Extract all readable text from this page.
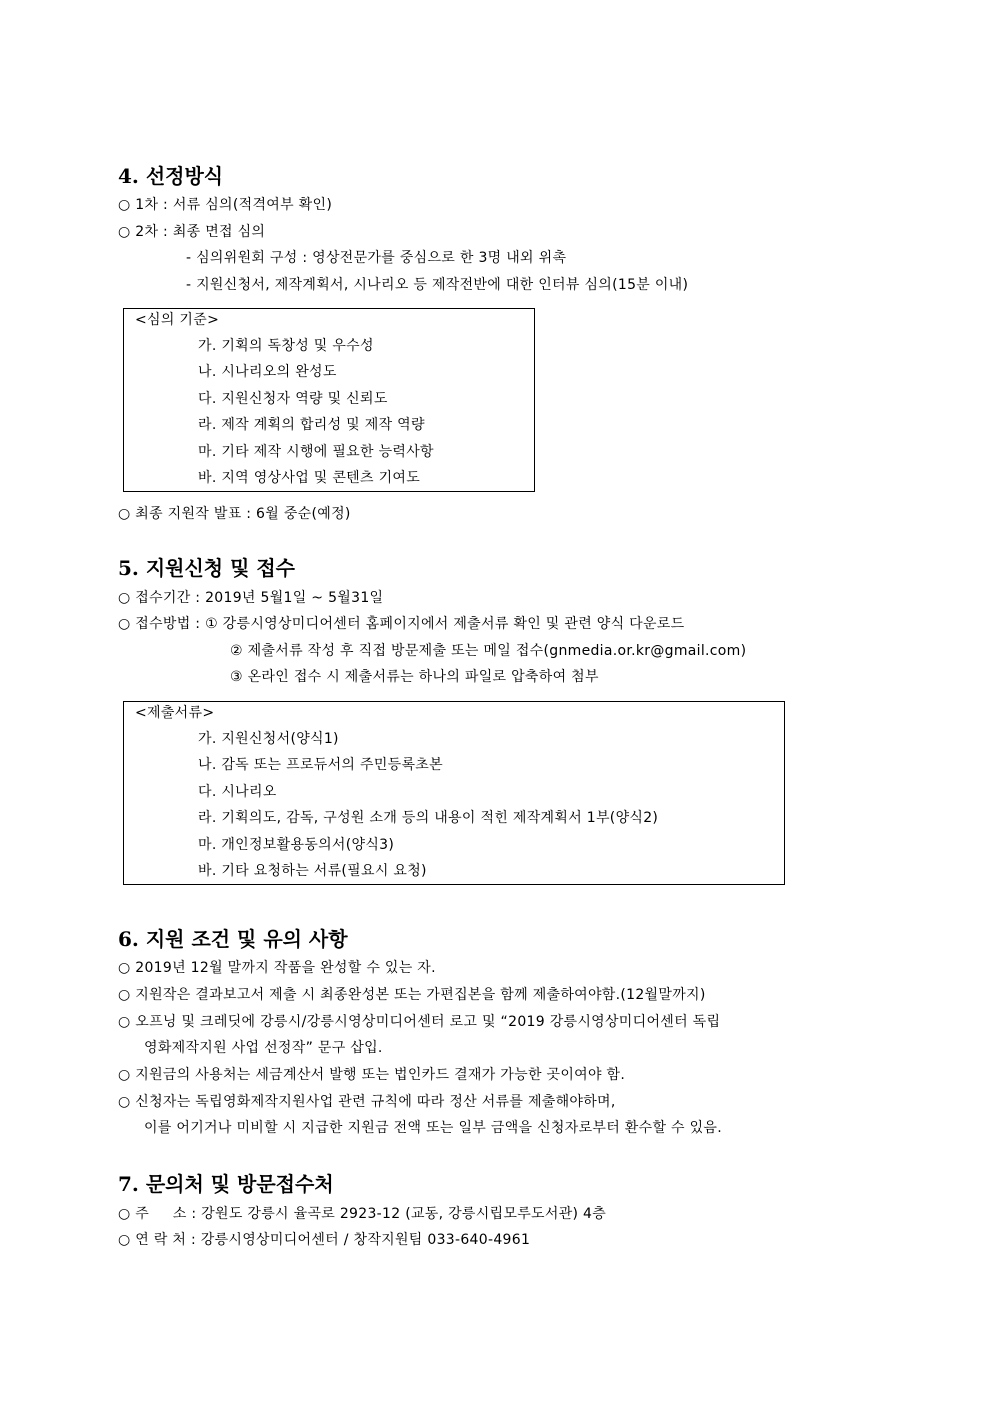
4. 선정방식
○ 1차 : 서류 심의(적격여부 확인)
○ 2차 : 최종 면접 심의
- 심의위원회 구성 : 영상전문가를 중심으로 한 3명 내외 위촉
- 지원신청서, 제작계획서, 시나리오 등 제작전반에 대한 인터뷰 심의(15분 이내)
<심의 기준>
가. 기획의 독창성 및 우수성
나. 시나리오의 완성도
다. 지원신청자 역량 및 신뢰도
라. 제작 계획의 합리성 및 제작 역량
마. 기타 제작 시행에 필요한 능력사항
바. 지역 영상사업 및 콘텐츠 기여도
○ 최종 지원작 발표 : 6월 중순(예정)
5. 지원신청 및 접수
○ 접수기간 : 2019년 5월1일 ~ 5월31일
○ 접수방법 : ① 강릉시영상미디어센터 홈페이지에서 제출서류 확인 및 관련 양식 다운로드
② 제출서류 작성 후 직접 방문제출 또는 메일 접수(gnmedia.or.kr@gmail.com)
③ 온라인 접수 시 제출서류는 하나의 파일로 압축하여 첨부
<제출서류>
가. 지원신청서(양식1)
나. 감독 또는 프로듀서의 주민등록초본
다. 시나리오
라. 기획의도, 감독, 구성원 소개 등의 내용이 적힌 제작계획서 1부(양식2)
마. 개인정보활용동의서(양식3)
바. 기타 요청하는 서류(필요시 요청)
6. 지원 조건 및 유의 사항
○ 2019년 12월 말까지 작품을 완성할 수 있는 자.
○ 지원작은 결과보고서 제출 시 최종완성본 또는 가편집본을 함께 제출하여야함.(12월말까지)
○ 오프닝 및 크레딧에 강릉시/강릉시영상미디어센터 로고 및 “2019 강릉시영상미디어센터 독립
영화제작지원 사업 선정작” 문구 삽입.
○ 지원금의 사용처는 세금계산서 발행 또는 법인카드 결재가 가능한 곳이여야 함.
○ 신청자는 독립영화제작지원사업 관련 규칙에 따라 정산 서류를 제출해야하며,
이를 어기거나 미비할 시 지급한 지원금 전액 또는 일부 금액을 신청자로부터 환수할 수 있음.
7. 문의처 및 방문접수처
○ 주     소 : 강원도 강릉시 율곡로 2923-12 (교동, 강릉시립모루도서관) 4층
○ 연 락 처 : 강릉시영상미디어센터 / 창작지원팀 033-640-4961
